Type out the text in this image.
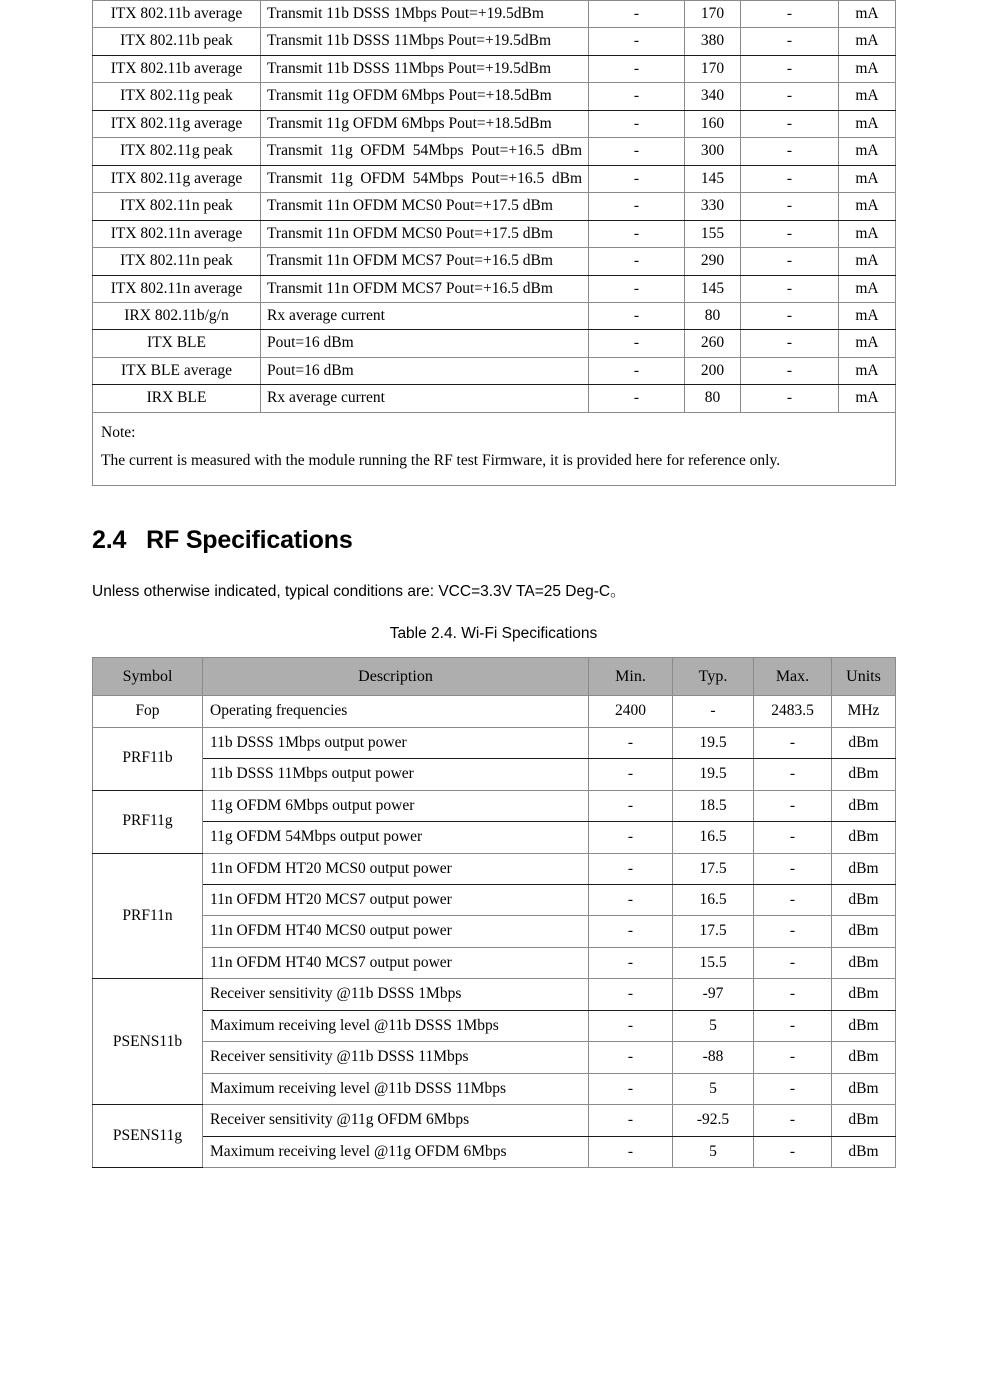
ITX 802.11b average	Transmit 11b DSSS 1Mbps Pout=+19.5dBm	-	170	-	mA
ITX 802.11b peak	Transmit 11b DSSS 11Mbps Pout=+19.5dBm	-	380	-	mA
ITX 802.11b average	Transmit 11b DSSS 11Mbps Pout=+19.5dBm	-	170	-	mA
ITX 802.11g peak	Transmit 11g OFDM 6Mbps Pout=+18.5dBm	-	340	-	mA
ITX 802.11g average	Transmit 11g OFDM 6Mbps Pout=+18.5dBm	-	160	-	mA
ITX 802.11g peak	Transmit 11g OFDM 54Mbps Pout=+16.5 dBm	-	300	-	mA
ITX 802.11g average	Transmit 11g OFDM 54Mbps Pout=+16.5 dBm	-	145	-	mA
ITX 802.11n peak	Transmit 11n OFDM MCS0 Pout=+17.5 dBm	-	330	-	mA
ITX 802.11n average	Transmit 11n OFDM MCS0 Pout=+17.5 dBm	-	155	-	mA
ITX 802.11n peak	Transmit 11n OFDM MCS7 Pout=+16.5 dBm	-	290	-	mA
ITX 802.11n average	Transmit 11n OFDM MCS7 Pout=+16.5 dBm	-	145	-	mA
IRX 802.11b/g/n	Rx average current	-	80	-	mA
ITX BLE	Pout=16 dBm	-	260	-	mA
ITX BLE average	Pout=16 dBm	-	200	-	mA
IRX BLE	Rx average current	-	80	-	mA

Note:
The current is measured with the module running the RF test Firmware, it is provided here for reference only.					
2.4 RF Specifications

Unless otherwise indicated, typical conditions are: VCC=3.3V TA=25 Deg-C。

Table 2.4. Wi-Fi Specifications

Symbol	Description	Min.	Typ.	Max.	Units
Fop	Operating frequencies	2400	-	2483.5	MHz
PRF11b	11b DSSS 1Mbps output power	-	19.5	-	dBm
	11b DSSS 11Mbps output power	-	19.5	-	dBm
PRF11g	11g OFDM 6Mbps output power	-	18.5	-	dBm
	11g OFDM 54Mbps output power	-	16.5	-	dBm
PRF11n	11n OFDM HT20 MCS0 output power	-	17.5	-	dBm
	11n OFDM HT20 MCS7 output power	-	16.5	-	dBm
	11n OFDM HT40 MCS0 output power	-	17.5	-	dBm
	11n OFDM HT40 MCS7 output power	-	15.5	-	dBm
PSENS11b	Receiver sensitivity @11b DSSS 1Mbps	-	-97	-	dBm
	Maximum receiving level @11b DSSS 1Mbps	-	5	-	dBm
	Receiver sensitivity @11b DSSS 11Mbps	-	-88	-	dBm
	Maximum receiving level @11b DSSS 11Mbps	-	5	-	dBm
PSENS11g	Receiver sensitivity @11g OFDM 6Mbps	-	-92.5	-	dBm
	Maximum receiving level @11g OFDM 6Mbps	-	5	-	dBm
